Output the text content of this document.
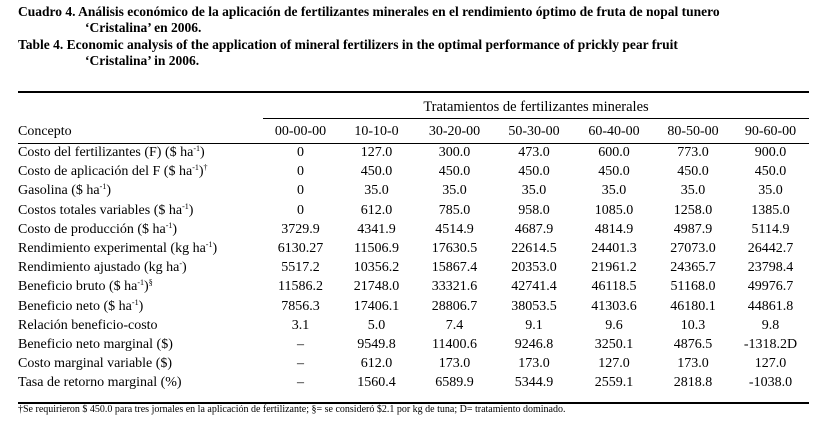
Cuadro 4. Análisis económico de la aplicación de fertilizantes minerales en el rendimiento óptimo de fruta de nopal tunero
‘Cristalina’ en 2006.
Table 4. Economic analysis of the application of mineral fertilizers in the optimal performance of prickly pear fruit
‘Cristalina’ in 2006.
Tratamientos de fertilizantes minerales
Concepto	00-00-00	10-10-0	30-20-00	50-30-00	60-40-00	80-50-00	90-60-00
Costo del fertilizantes (F) ($ $ha^{-1}$)	0	127.0	300.0	473.0	600.0	773.0	900.0
Costo de aplicación del F ($ $ha^{-1})^\dagger$	0	450.0	450.0	450.0	450.0	450.0	450.0
Gasolina ($ $ha^{-1}$)	0	35.0	35.0	35.0	35.0	35.0	35.0
Costos totales variables ($ $ha^{-1}$)	0	612.0	785.0	958.0	1085.0	1258.0	1385.0
Costo de producción ($ $ha^{-1}$)	3729.9	4341.9	4514.9	4687.9	4814.9	4987.9	5114.9
Rendimiento experimental (kg $ha^{-1}$)	6130.27	11506.9	17630.5	22614.5	24401.3	27073.0	26442.7
Rendimiento ajustado (kg ha-)	5517.2	10356.2	15867.4	20353.0	21961.2	24365.7	23798.4
Beneficio bruto ($ $ha^{-1})^\S$	11586.2	21748.0	33321.6	42741.4	46118.5	51168.0	49976.7
Beneficio neto ($ $ha^{-1}$)	7856.3	17406.1	28806.7	38053.5	41303.6	46180.1	44861.8
Relación beneficio-costo	3.1	5.0	7.4	9.1	9.6	10.3	9.8
Beneficio neto marginal ($)	–	9549.8	11400.6	9246.8	3250.1	4876.5	-1318.2D
Costo marginal variable ($)	–	612.0	173.0	173.0	127.0	173.0	127.0
Tasa de retorno marginal (%)	–	1560.4	6589.9	5344.9	2559.1	2818.8	-1038.0
†Se requirieron $ 450.0 para tres jornales en la aplicación de fertilizante; §= se consideró $2.1 por kg de tuna; D= tratamiento dominado.
